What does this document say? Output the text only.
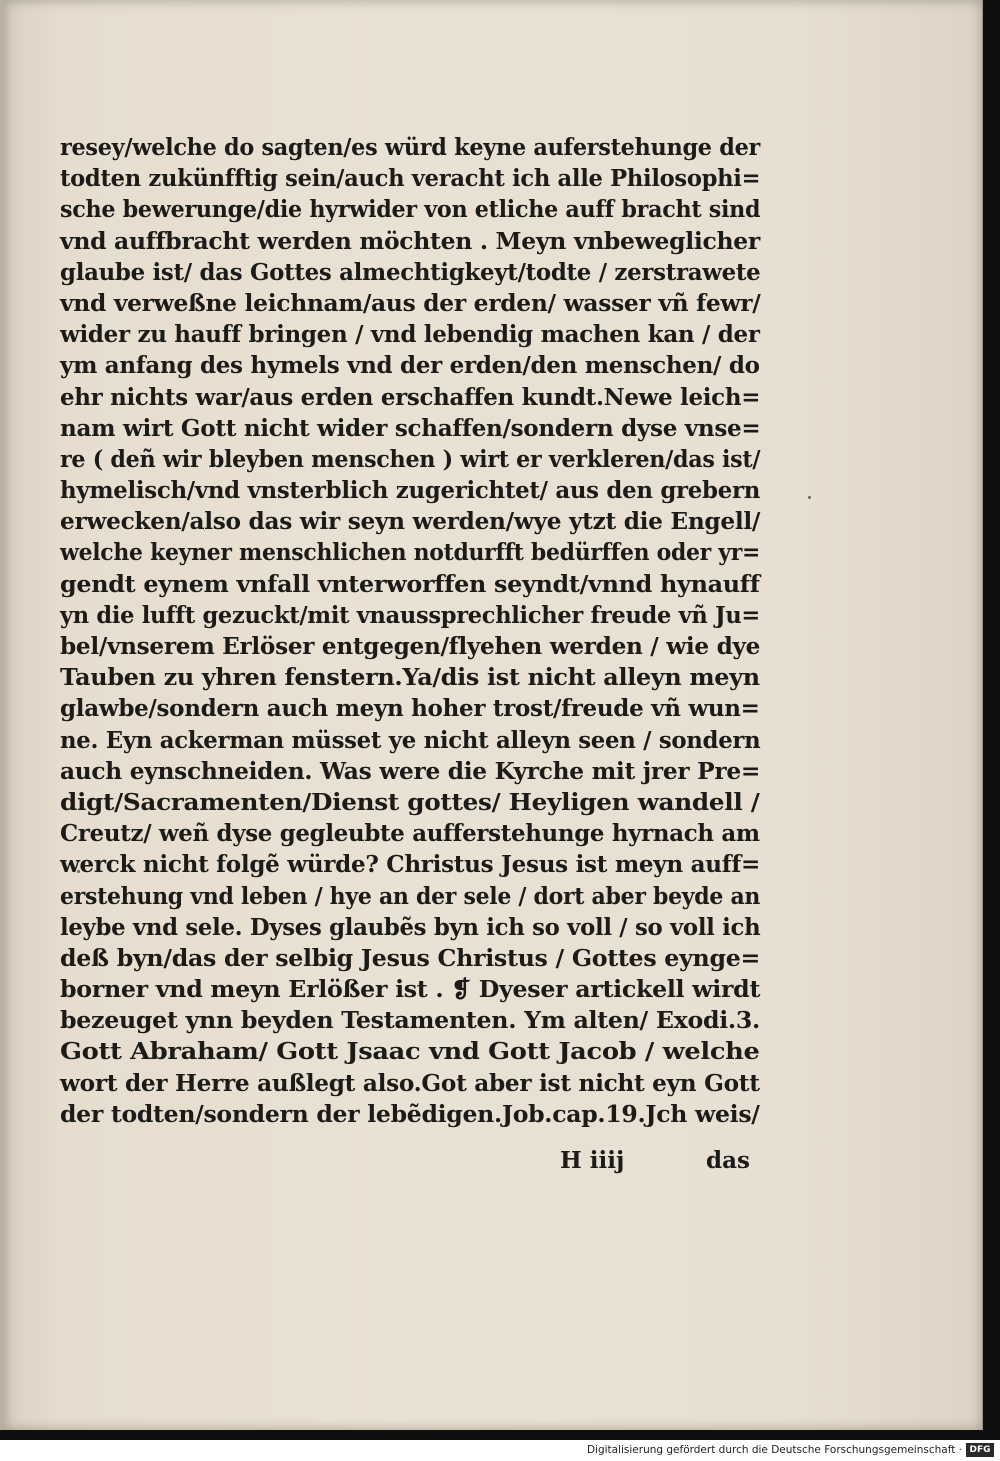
resey/welche do sagten/es würd keyne auferstehunge der
todten zukünfftig sein/auch veracht ich alle Philosophi=
sche bewerunge/die hyrwider von etliche auff bracht sind
vnd auffbracht werden möchten . Meyn vnbeweglicher
glaube ist/ das Gottes almechtigkeyt/todte / zerstrawete
vnd verweßne leichnam/aus der erden/ wasser vñ fewr/
wider zu hauff bringen / vnd lebendig machen kan / der
ym anfang des hymels vnd der erden/den menschen/ do
ehr nichts war/aus erden erschaffen kundt.Newe leich=
nam wirt Gott nicht wider schaffen/sondern dyse vnse=
re ( deñ wir bleyben menschen ) wirt er verkleren/das ist/
hymelisch/vnd vnsterblich zugerichtet/ aus den grebern
erwecken/also das wir seyn werden/wye ytzt die Engell/
welche keyner menschlichen notdurfft bedürffen oder yr=
gendt eynem vnfall vnterworffen seyndt/vnnd hynauff
yn die lufft gezuckt/mit vnaussprechlicher freude vñ Ju=
bel/vnserem Erlöser entgegen/flyehen werden / wie dye
Tauben zu yhren fenstern.Ya/dis ist nicht alleyn meyn
glawbe/sondern auch meyn hoher trost/freude vñ wun=
ne. Eyn ackerman müsset ye nicht alleyn seen / sondern
auch eynschneiden. Was were die Kyrche mit jrer Pre=
digt/Sacramenten/Dienst gottes/ Heyligen wandell /
Creutz/ weñ dyse gegleubte aufferstehunge hyrnach am
werck nicht folgẽ würde? Christus Jesus ist meyn auff=
erstehung vnd leben / hye an der sele / dort aber beyde an
leybe vnd sele. Dyses glaubẽs byn ich so voll / so voll ich
deß byn/das der selbig Jesus Christus / Gottes eynge=
borner vnd meyn Erlößer ist . ❡ Dyeser artickell wirdt
bezeuget ynn beyden Testamenten. Ym alten/ Exodi.3.
Gott Abraham/ Gott Jsaac vnd Gott Jacob / welche
wort der Herre außlegt also.Got aber ist nicht eyn Gott
der todten/sondern der lebẽdigen.Job.cap.19.Jch weis/
H iiij	das
Digitalisierung gefördert durch die Deutsche Forschungsgemeinschaft · DFG
